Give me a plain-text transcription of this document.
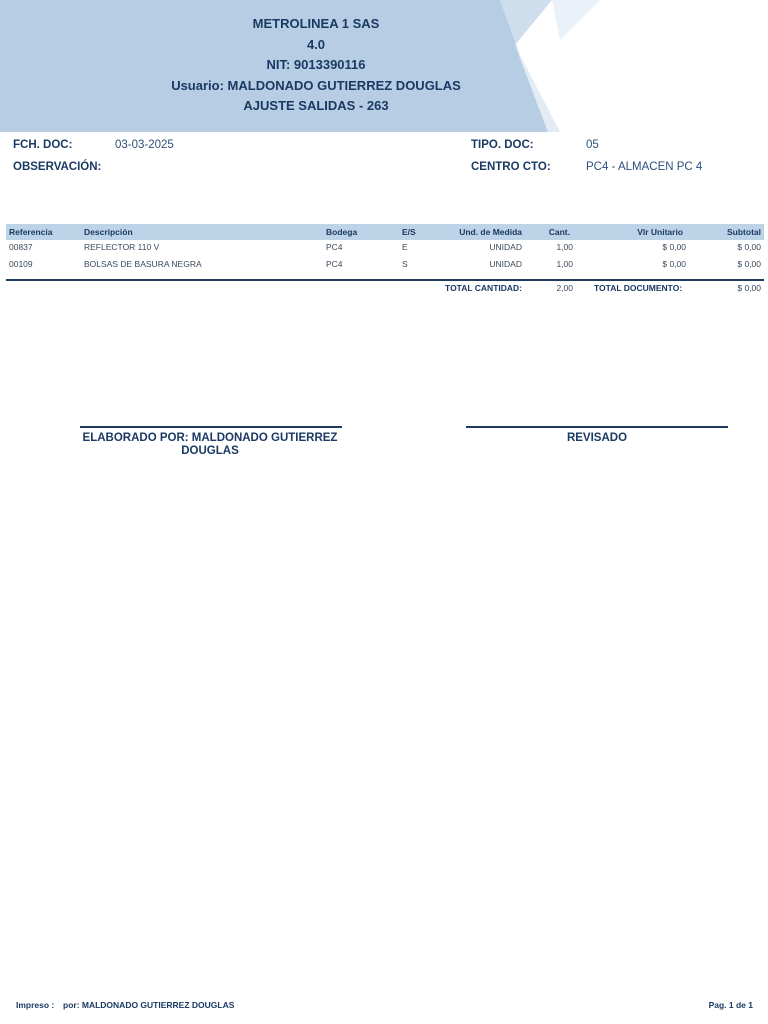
METROLINEA 1 SAS
4.0
NIT: 9013390116
Usuario: MALDONADO GUTIERREZ DOUGLAS
AJUSTE SALIDAS - 263
FCH. DOC:	03-03-2025
OBSERVACIÓN:
TIPO. DOC:	05
CENTRO CTO:	PC4 - ALMACEN PC 4
Referencia	Descripción	Bodega	E/S	Und. de Medida	Cant.	Vlr Unitario	Subtotal
00837	REFLECTOR 110 V	PC4	E	UNIDAD	1,00	$ 0,00	$ 0,00
00109	BOLSAS DE BASURA NEGRA	PC4	S	UNIDAD	1,00	$ 0,00	$ 0,00
TOTAL CANTIDAD:	2,00 TOTAL DOCUMENTO:	$ 0,00
ELABORADO POR: MALDONADO GUTIERREZ
DOUGLAS
REVISADO
Impreso : por: MALDONADO GUTIERREZ DOUGLAS	Pag. 1 de 1
